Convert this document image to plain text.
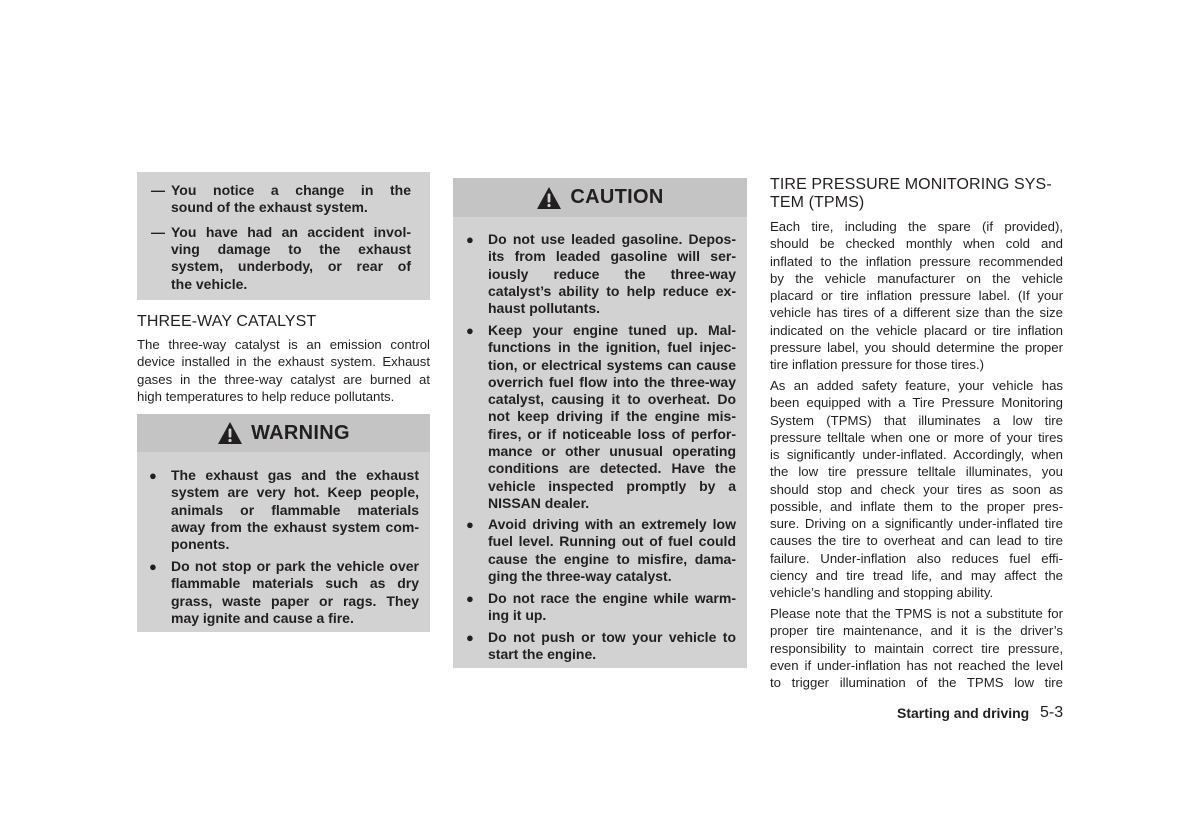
— You notice a change in the
sound of the exhaust system.
— You have had an accident invol-
ving damage to the exhaust
system, underbody, or rear of
the vehicle.
THREE-WAY CATALYST
The three-way catalyst is an emission control
device installed in the exhaust system. Exhaust
gases in the three-way catalyst are burned at
high temperatures to help reduce pollutants.
WARNING
● The exhaust gas and the exhaust
system are very hot. Keep people,
animals or flammable materials
away from the exhaust system com-
ponents.
● Do not stop or park the vehicle over
flammable materials such as dry
grass, waste paper or rags. They
may ignite and cause a fire.
CAUTION
● Do not use leaded gasoline. Depos-
its from leaded gasoline will ser-
iously reduce the three-way
catalyst’s ability to help reduce ex-
haust pollutants.
● Keep your engine tuned up. Mal-
functions in the ignition, fuel injec-
tion, or electrical systems can cause
overrich fuel flow into the three-way
catalyst, causing it to overheat. Do
not keep driving if the engine mis-
fires, or if noticeable loss of perfor-
mance or other unusual operating
conditions are detected. Have the
vehicle inspected promptly by a
NISSAN dealer.
● Avoid driving with an extremely low
fuel level. Running out of fuel could
cause the engine to misfire, dama-
ging the three-way catalyst.
● Do not race the engine while warm-
ing it up.
● Do not push or tow your vehicle to
start the engine.
TIRE PRESSURE MONITORING SYS-
TEM (TPMS)
Each tire, including the spare (if provided),
should be checked monthly when cold and
inflated to the inflation pressure recommended
by the vehicle manufacturer on the vehicle
placard or tire inflation pressure label. (If your
vehicle has tires of a different size than the size
indicated on the vehicle placard or tire inflation
pressure label, you should determine the proper
tire inflation pressure for those tires.)
As an added safety feature, your vehicle has
been equipped with a Tire Pressure Monitoring
System (TPMS) that illuminates a low tire
pressure telltale when one or more of your tires
is significantly under-inflated. Accordingly, when
the low tire pressure telltale illuminates, you
should stop and check your tires as soon as
possible, and inflate them to the proper pres-
sure. Driving on a significantly under-inflated tire
causes the tire to overheat and can lead to tire
failure. Under-inflation also reduces fuel effi-
ciency and tire tread life, and may affect the
vehicle’s handling and stopping ability.
Please note that the TPMS is not a substitute for
proper tire maintenance, and it is the driver’s
responsibility to maintain correct tire pressure,
even if under-inflation has not reached the level
to trigger illumination of the TPMS low tire
Starting and driving 5-3
